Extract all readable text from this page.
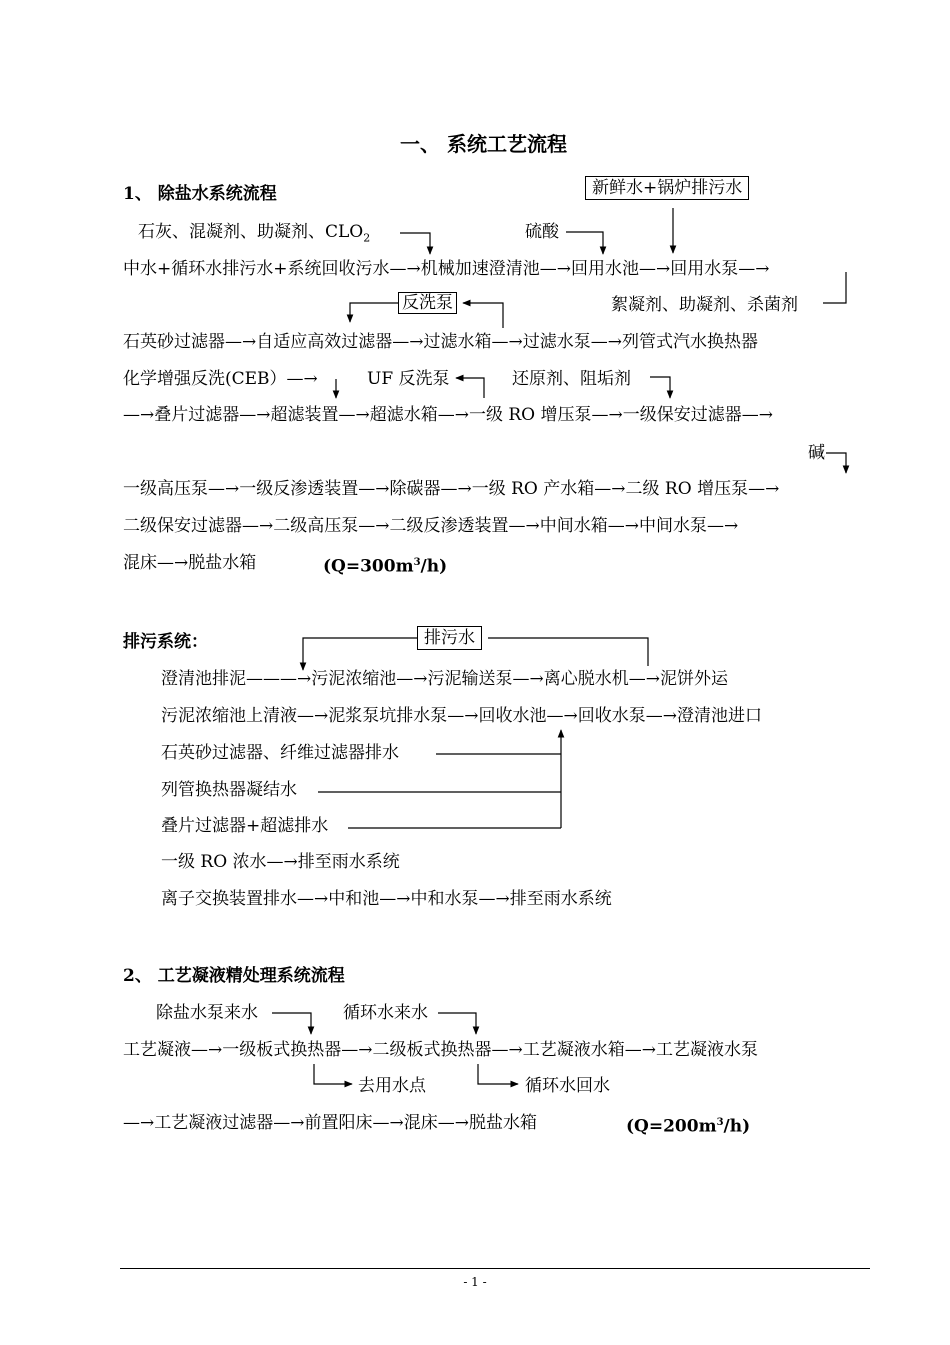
一、 系统工艺流程
1、 除盐水系统流程	新鲜水+锅炉排污水
石灰、混凝剂、助凝剂、$CLO_2$	硫酸
中水+循环水排污水+系统回收污水—→机械加速澄清池—→回用水池—→回用水泵—→
反洗泵	絮凝剂、助凝剂、杀菌剂
石英砂过滤器—→自适应高效过滤器—→过滤水箱—→过滤水泵—→列管式汽水换热器
化学增强反洗(CEB）—→	UF 反洗泵	还原剂、阻垢剂
—→叠片过滤器—→超滤装置—→超滤水箱—→一级 RO 增压泵—→一级保安过滤器—→
碱
一级高压泵—→一级反渗透装置—→除碳器—→一级 RO 产水箱—→二级 RO 增压泵—→
二级保安过滤器—→二级高压泵—→二级反渗透装置—→中间水箱—→中间水泵—→
混床—→脱盐水箱	$(Q=300m^3/h)$
排污系统：	排污水
澄清池排泥———→污泥浓缩池—→污泥输送泵—→离心脱水机—→泥饼外运
污泥浓缩池上清液—→泥浆泵坑排水泵—→回收水池—→回收水泵—→澄清池进口
石英砂过滤器、纤维过滤器排水
列管换热器凝结水
叠片过滤器+超滤排水
一级 RO 浓水—→排至雨水系统
离子交换装置排水—→中和池—→中和水泵—→排至雨水系统
2、 工艺凝液精处理系统流程
除盐水泵来水	循环水来水
工艺凝液—→一级板式换热器—→二级板式换热器—→工艺凝液水箱—→工艺凝液水泵
去用水点	循环水回水
—→工艺凝液过滤器—→前置阳床—→混床—→脱盐水箱	$(Q=200m^3/h)$
- 1 -
